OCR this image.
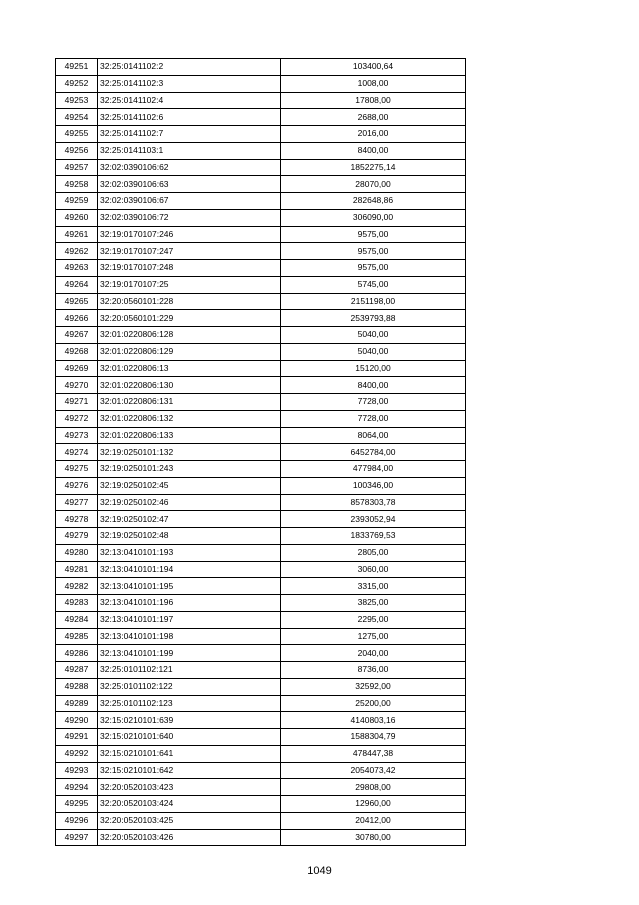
49251	32:25:0141102:2	103400,64
49252	32:25:0141102:3	1008,00
49253	32:25:0141102:4	17808,00
49254	32:25:0141102:6	2688,00
49255	32:25:0141102:7	2016,00
49256	32:25:0141103:1	8400,00
49257	32:02:0390106:62	1852275,14
49258	32:02:0390106:63	28070,00
49259	32:02:0390106:67	282648,86
49260	32:02:0390106:72	306090,00
49261	32:19:0170107:246	9575,00
49262	32:19:0170107:247	9575,00
49263	32:19:0170107:248	9575,00
49264	32:19:0170107:25	5745,00
49265	32:20:0560101:228	2151198,00
49266	32:20:0560101:229	2539793,88
49267	32:01:0220806:128	5040,00
49268	32:01:0220806:129	5040,00
49269	32:01:0220806:13	15120,00
49270	32:01:0220806:130	8400,00
49271	32:01:0220806:131	7728,00
49272	32:01:0220806:132	7728,00
49273	32:01:0220806:133	8064,00
49274	32:19:0250101:132	6452784,00
49275	32:19:0250101:243	477984,00
49276	32:19:0250102:45	100346,00
49277	32:19:0250102:46	8578303,78
49278	32:19:0250102:47	2393052,94
49279	32:19:0250102:48	1833769,53
49280	32:13:0410101:193	2805,00
49281	32:13:0410101:194	3060,00
49282	32:13:0410101:195	3315,00
49283	32:13:0410101:196	3825,00
49284	32:13:0410101:197	2295,00
49285	32:13:0410101:198	1275,00
49286	32:13:0410101:199	2040,00
49287	32:25:0101102:121	8736,00
49288	32:25:0101102:122	32592,00
49289	32:25:0101102:123	25200,00
49290	32:15:0210101:639	4140803,16
49291	32:15:0210101:640	1588304,79
49292	32:15:0210101:641	478447,38
49293	32:15:0210101:642	2054073,42
49294	32:20:0520103:423	29808,00
49295	32:20:0520103:424	12960,00
49296	32:20:0520103:425	20412,00
49297	32:20:0520103:426	30780,00
1049
